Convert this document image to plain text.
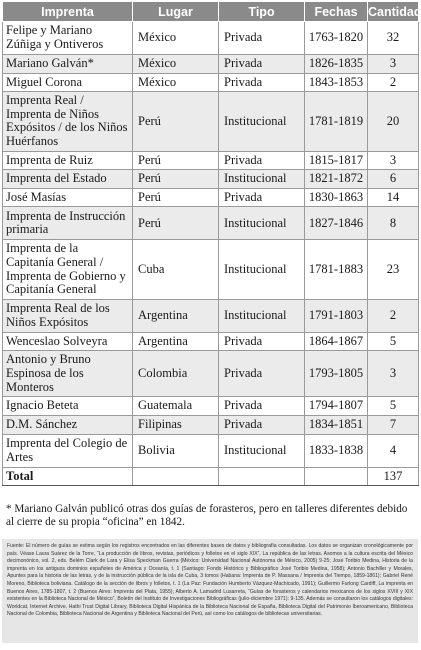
Imprenta	Lugar	Tipo	Fechas	Cantidad
Felipe y Mariano Zúñiga y Ontiveros	México	Privada	1763-1820	32
Mariano Galván*	México	Privada	1826-1835	3
Miguel Corona	México	Privada	1843-1853	2
Imprenta Real / Imprenta de Niños Expósitos / de los Niños Huérfanos	Perú	Institucional	1781-1819	20
Imprenta de Ruiz	Perú	Privada	1815-1817	3
Imprenta del Estado	Perú	Institucional	1821-1872	6
José Masías	Perú	Privada	1830-1863	14
Imprenta de Instrucción primaria	Perú	Institucional	1827-1846	8
Imprenta de la Capitanía General / Imprenta de Gobierno y Capitanía General	Cuba	Institucional	1781-1883	23
Imprenta Real de los Niños Expósitos	Argentina	Institucional	1791-1803	2
Wenceslao Solveyra	Argentina	Privada	1864-1867	5
Antonio y Bruno Espinosa de los Monteros	Colombia	Privada	1793-1805	3
Ignacio Beteta	Guatemala	Privada	1794-1807	5
D.M. Sánchez	Filipinas	Privada	1834-1851	7
Imprenta del Colegio de Artes	Bolivia	Institucional	1833-1838	4
Total				137
* Mariano Galván publicó otras dos guías de forasteros, pero en talleres diferentes debido al cierre de su propia “oficina” en 1842.
Fuente: El número de guías se estima según los registros encontrados en las diferentes bases de datos y bibliografía consultadas. Los datos se organizan cronológicamente por país. Véase Laura Suárez de la Torre, “La producción de libros, revistas, periódicos y folletos en el siglo XIX”, La república de las letras. Asomos a la cultura escrita del México decimonónico, vol. 2, eds. Belém Clark de Lara y Elisa Speckman Guerra (México: Universidad Nacional Autónoma de México, 2005) 9-25; José Toribio Medina, Historia de la imprenta en los antiguos dominios españoles de América y Oceanía, t. 1 (Santiago: Fondo Histórico y Bibliográfico José Toribio Medina, 1958); Antonio Bachiller y Morales, Apuntes para la historia de las letras, y de la instrucción pública de la isla de Cuba, 3 tomos (Habana: Imprenta de P. Massana / Imprenta del Tiempo, 1859-1861); Gabriel René Moreno, Biblioteca boliviana. Catálogo de la sección de libros y folletos, t. 1 (La Paz: Fundación Humberto Vázquez-Machicado, 1991); Guillermo Furlong Cardiff, La imprenta en Buenos Aires, 1785-1807, t. 2 (Buenos Aires: Imprenta del Plata, 1955); Alberto A. Lamadrid Lusarreta, “Guías de forasteros y calendarios mexicanos de los siglos XVIII y XIX existentes en la Biblioteca Nacional de México”, Boletín del Instituto de Investigaciones Bibliográficas (julio-diciembre 1971): 9-135. Además se consultaron los catálogos digitales: Worldcat, Internet Archive, Hathi Trust Digital Library, Biblioteca Digital Hispánica de la Biblioteca Nacional de España, Biblioteca Digital del Patrimonio Iberoamericano, Biblioteca Nacional de Colombia, Biblioteca Nacional de Argentina y Biblioteca Nacional del Perú, así como los catálogos de bibliotecas universitarias.
